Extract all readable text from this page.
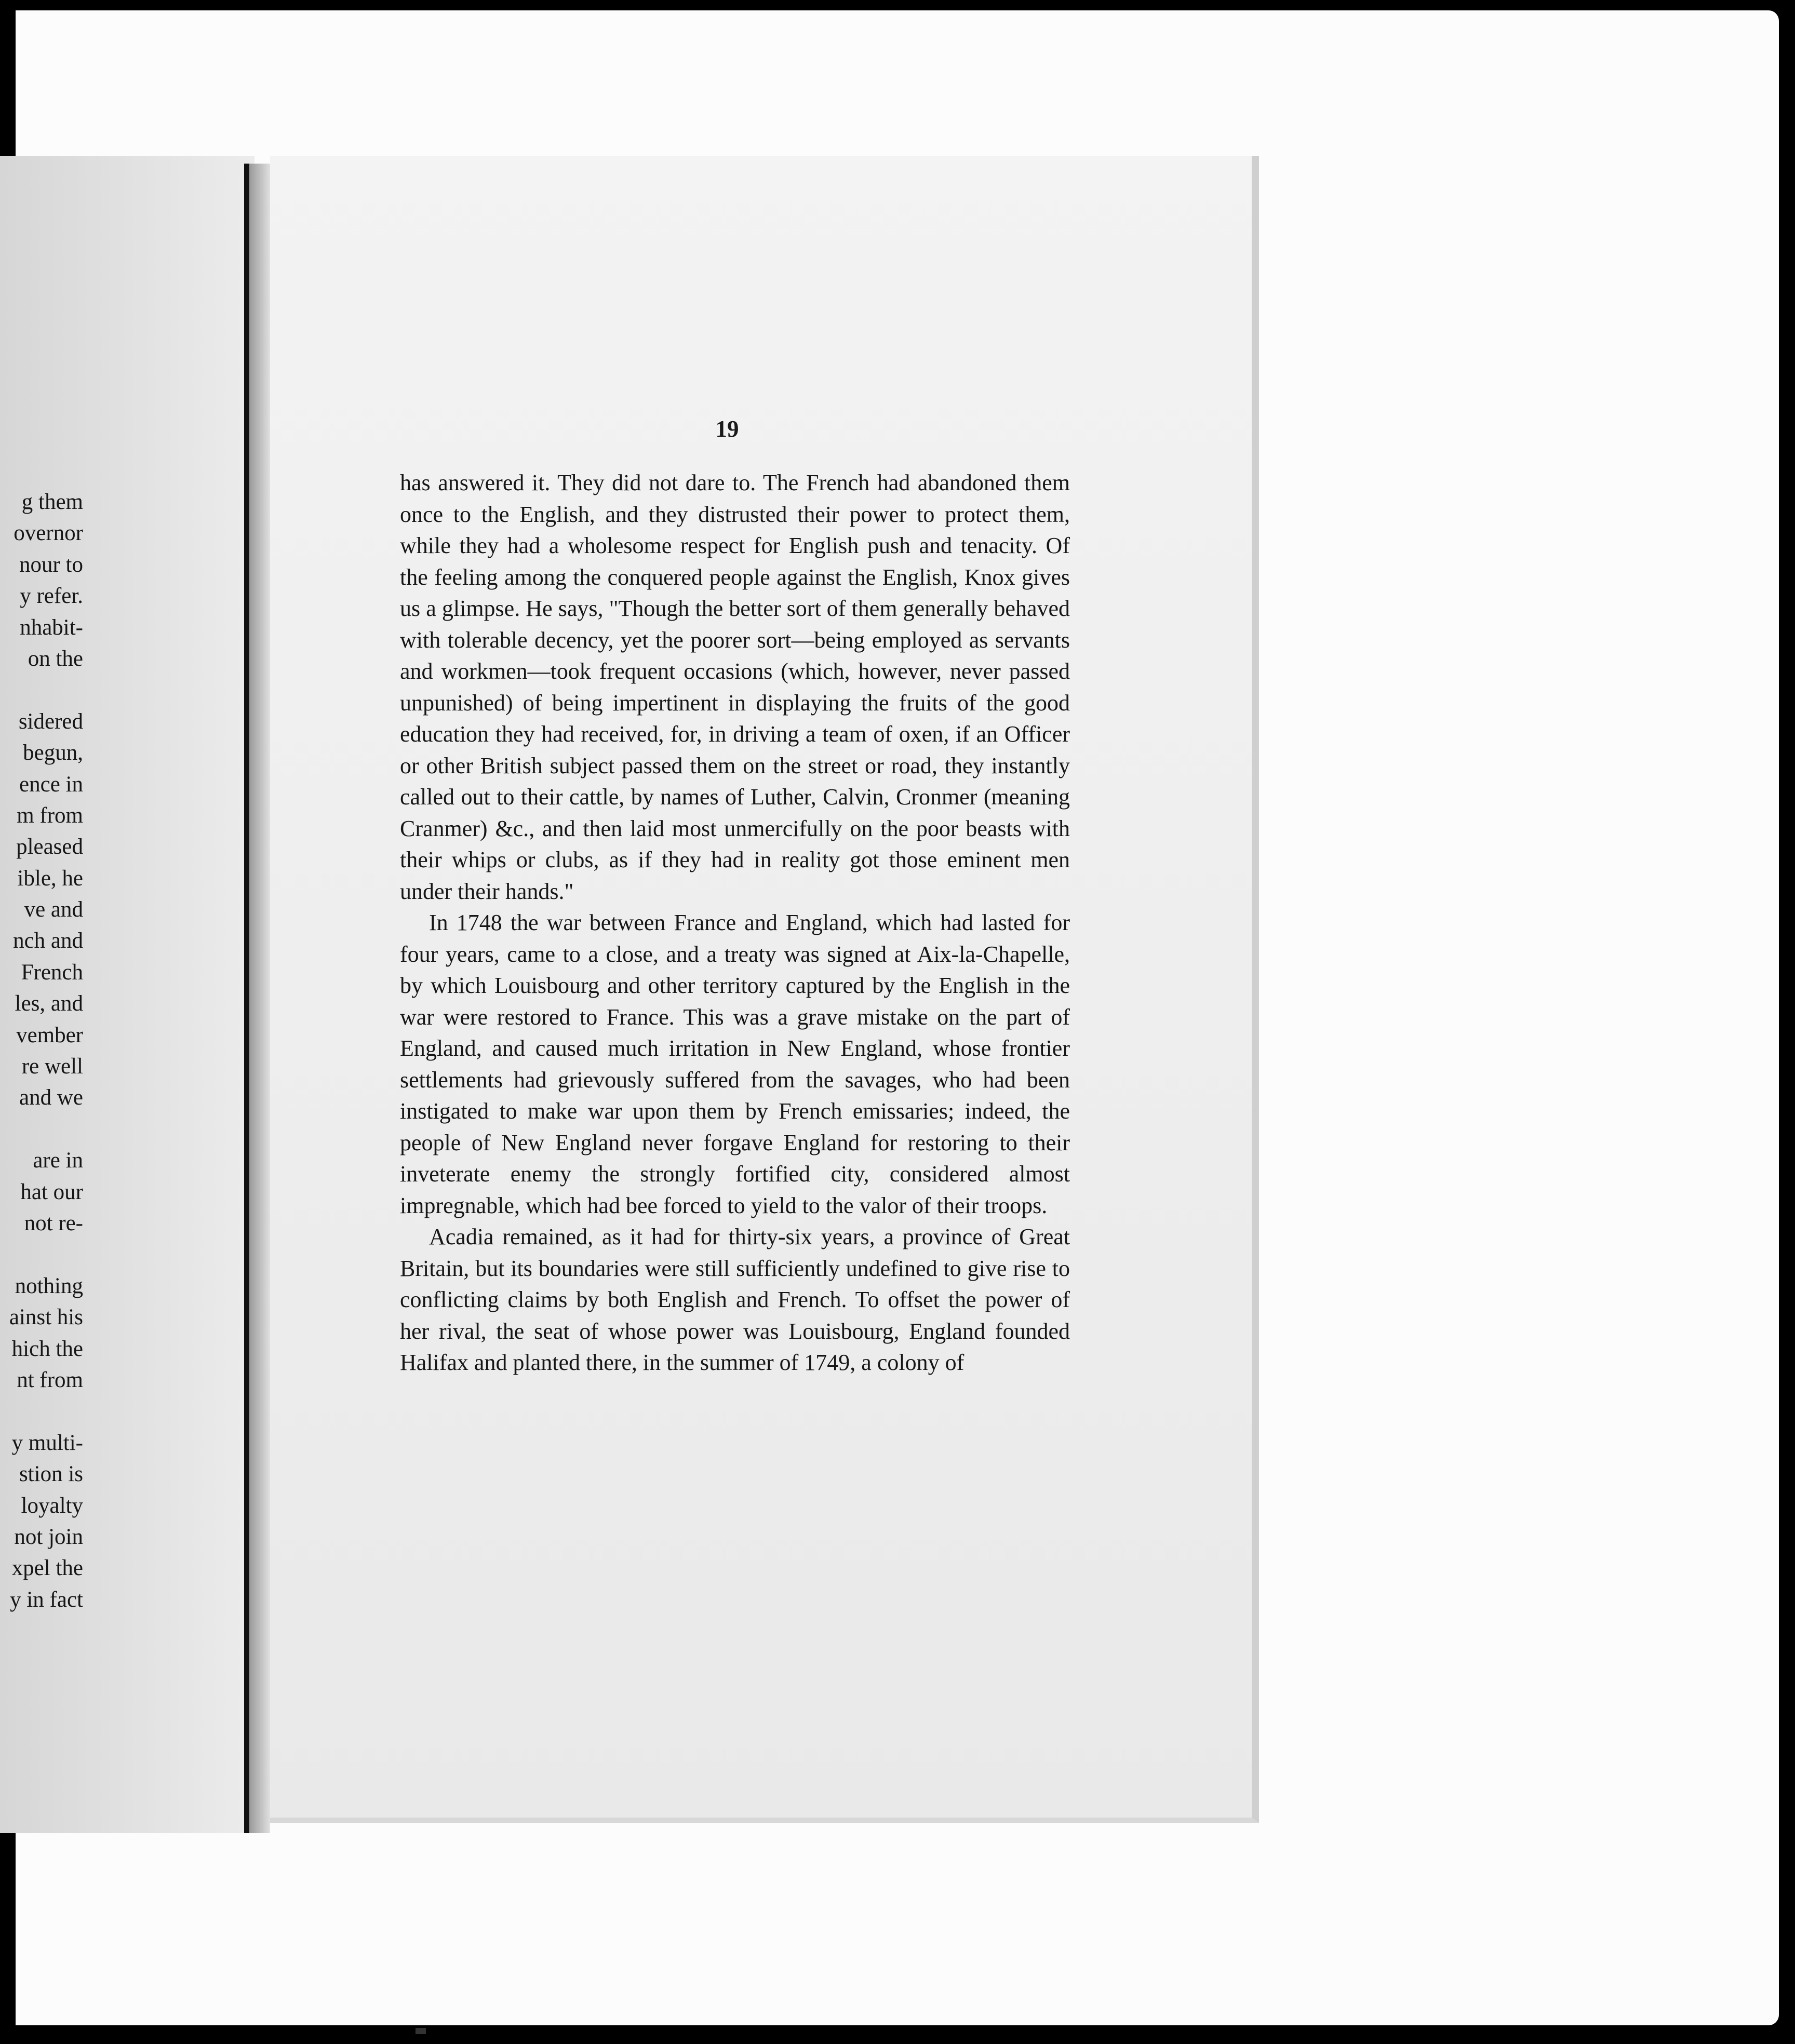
g them
overnor
nour to
y refer.
nhabit-
on the
sidered
begun,
ence in
m from
pleased
ible, he
ve and
nch and
French
les, and
vember
re well
and we
are in
hat our
not re-
nothing
ainst his
hich the
nt from
y multi-
stion is
loyalty
not join
xpel the
y in fact
19

has answered it. They did not dare to. The French had abandoned them once to the English, and they distrusted their power to protect them, while they had a wholesome respect for English push and tenacity. Of the feeling among the conquered people against the English, Knox gives us a glimpse. He says, "Though the better sort of them generally behaved with tolerable decency, yet the poorer sort—being employed as servants and workmen—took frequent occasions (which, however, never passed unpunished) of being impertinent in displaying the fruits of the good education they had received, for, in driving a team of oxen, if an Officer or other British subject passed them on the street or road, they instantly called out to their cattle, by names of Luther, Calvin, Cronmer (meaning Cranmer) &c., and then laid most unmercifully on the poor beasts with their whips or clubs, as if they had in reality got those eminent men under their hands."

In 1748 the war between France and England, which had lasted for four years, came to a close, and a treaty was signed at Aix-la-Chapelle, by which Louisbourg and other territory captured by the English in the war were restored to France. This was a grave mistake on the part of England, and caused much irritation in New England, whose frontier settlements had grievously suffered from the savages, who had been instigated to make war upon them by French emissaries; indeed, the people of New England never forgave England for restoring to their inveterate enemy the strongly fortified city, considered almost impregnable, which had bee forced to yield to the valor of their troops.

Acadia remained, as it had for thirty-six years, a province of Great Britain, but its boundaries were still sufficiently undefined to give rise to conflicting claims by both English and French. To offset the power of her rival, the seat of whose power was Louisbourg, England founded Halifax and planted there, in the summer of 1749, a colony of
